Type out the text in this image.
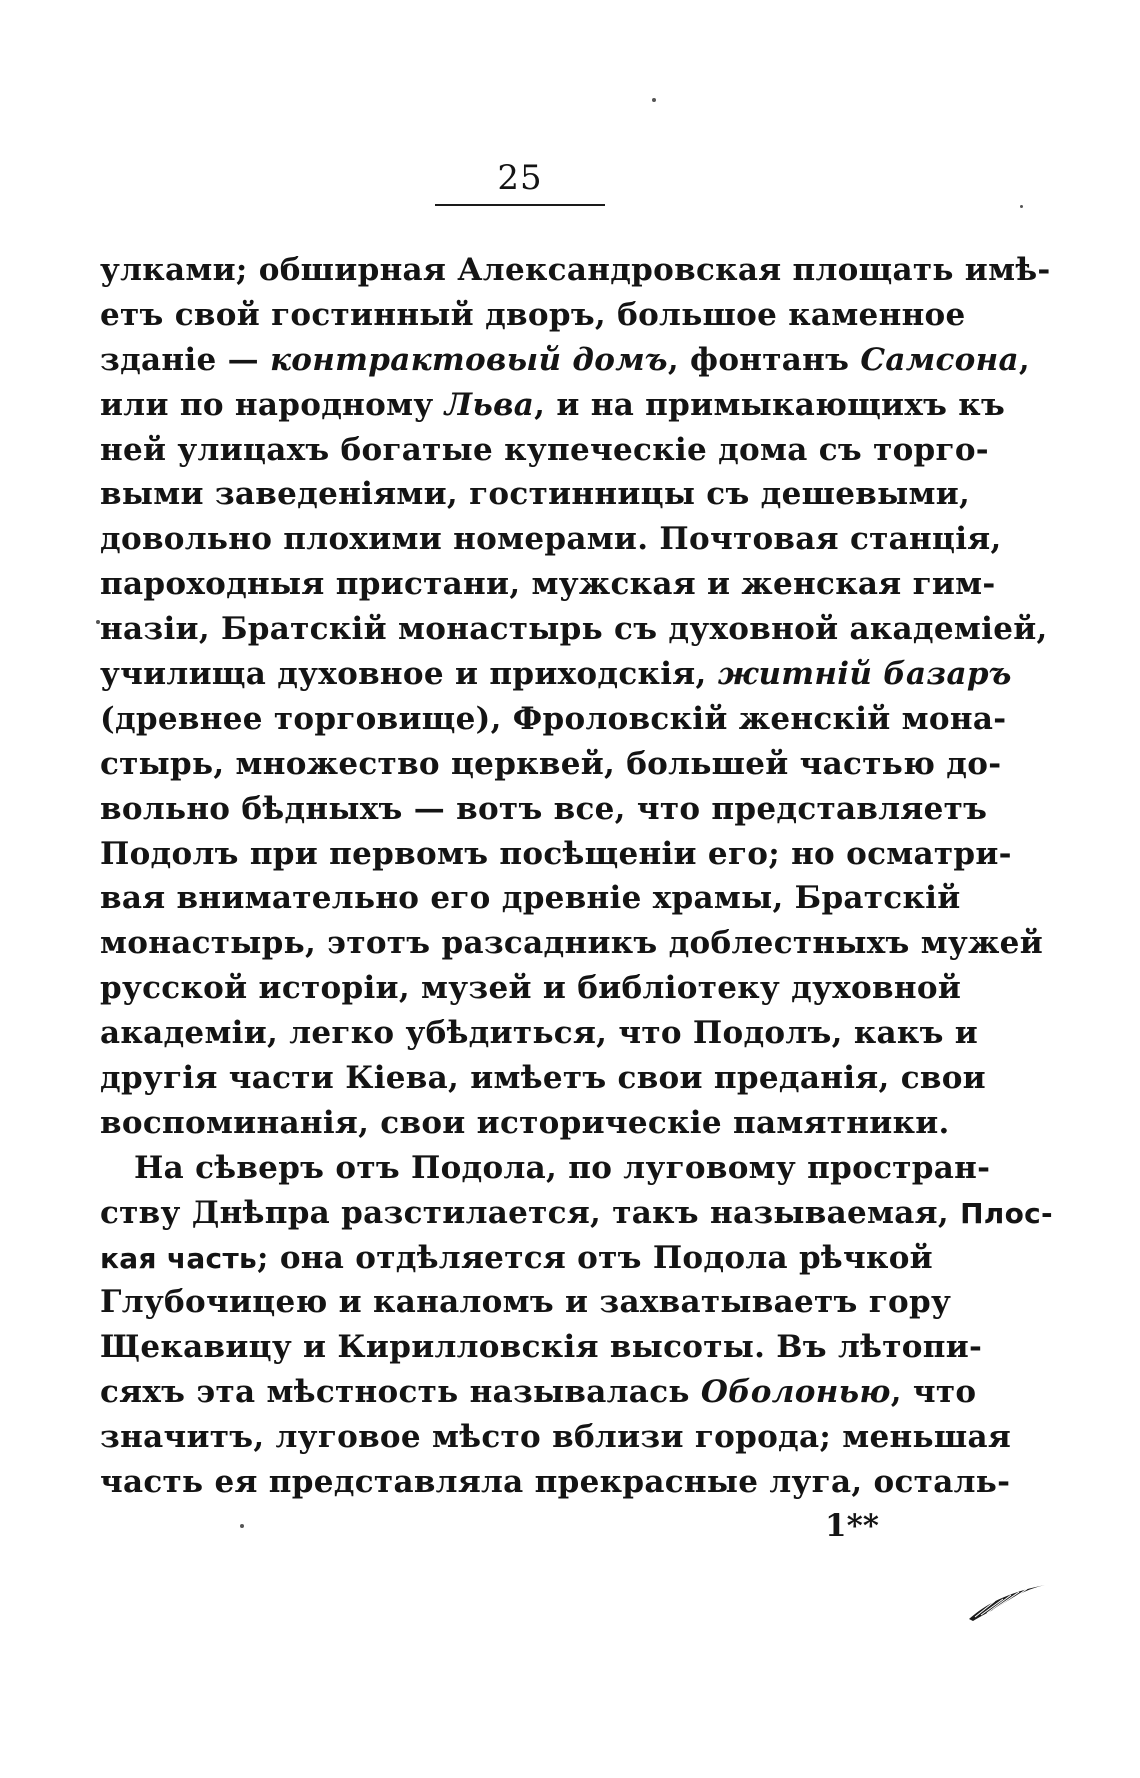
25
улками; обширная Александровская площать имѣ-
етъ свой гостинный дворъ, большое каменное
зданіе — контрактовый домъ, фонтанъ Самсона,
или по народному Льва, и на примыкающихъ къ
ней улицахъ богатые купеческіе дома съ торго-
выми заведеніями, гостинницы съ дешевыми,
довольно плохими номерами. Почтовая станція,
пароходныя пристани, мужская и женская гим-
назіи, Братскій монастырь съ духовной академіей,
училища духовное и приходскія, житній базаръ
(древнее торговище), Фроловскій женскій мона-
стырь, множество церквей, большей частью до-
вольно бѣдныхъ — вотъ все, что представляетъ
Подолъ при первомъ посѣщеніи его; но осматри-
вая внимательно его древніе храмы, Братскій
монастырь, этотъ разсадникъ доблестныхъ мужей
русской исторіи, музей и библіотеку духовной
академіи, легко убѣдиться, что Подолъ, какъ и
другія части Кіева, имѣетъ свои преданія, свои
воспоминанія, свои историческіе памятники.
На сѣверъ отъ Подола, по луговому простран-
ству Днѣпра разстилается, такъ называемая, Плос-
кая часть; она отдѣляется отъ Подола рѣчкой
Глубочицею и каналомъ и захватываетъ гору
Щекавицу и Кирилловскія высоты. Въ лѣтопи-
сяхъ эта мѣстность называлась Оболонью, что
значитъ, луговое мѣсто вблизи города; меньшая
часть ея представляла прекрасные луга, осталь-
1**
